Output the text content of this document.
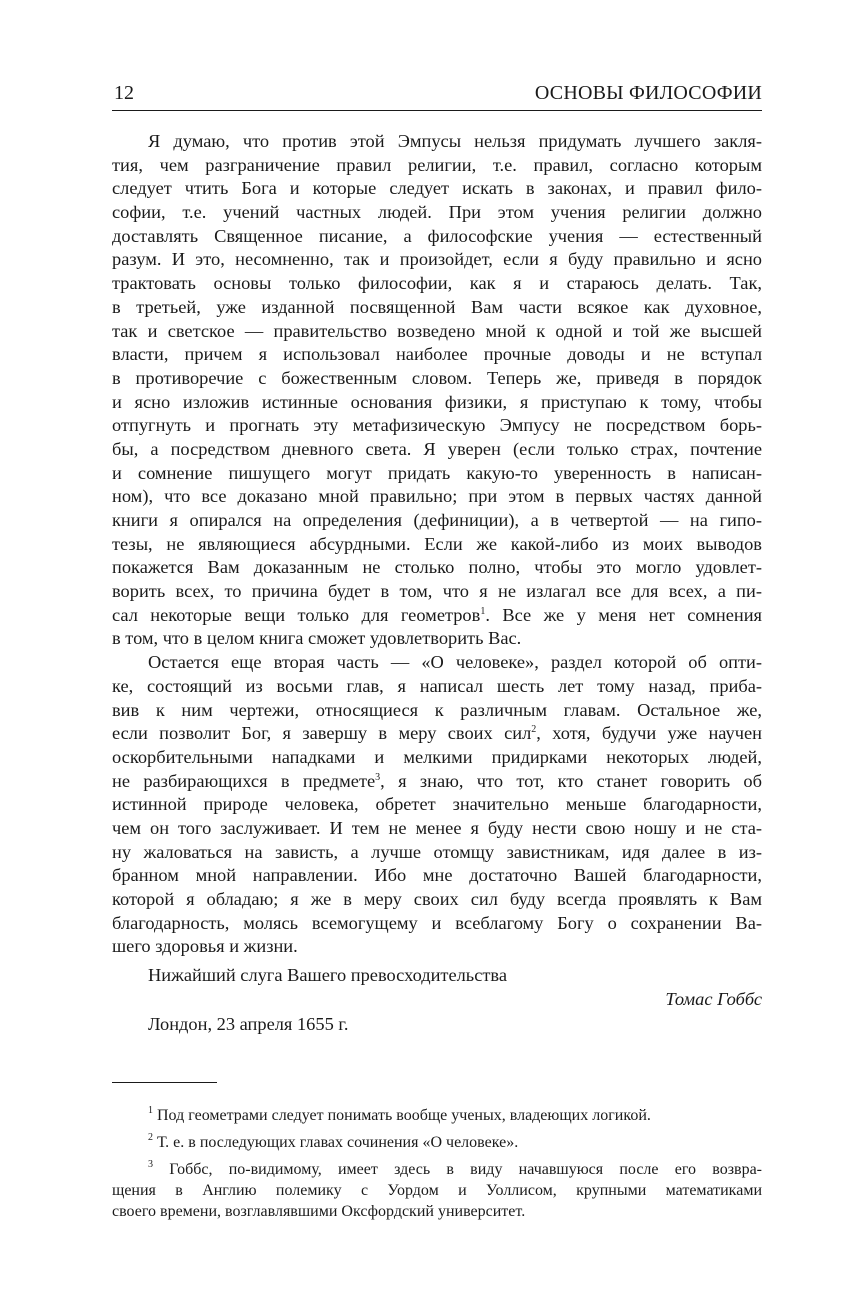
12	ОСНОВЫ ФИЛОСОФИИ
Я думаю, что против этой Эмпусы нельзя придумать лучшего закля-
тия, чем разграничение правил религии, т.е. правил, согласно которым
следует чтить Бога и которые следует искать в законах, и правил фило-
софии, т.е. учений частных людей. При этом учения религии должно
доставлять Священное писание, а философские учения — естественный
разум. И это, несомненно, так и произойдет, если я буду правильно и ясно
трактовать основы только философии, как я и стараюсь делать. Так,
в третьей, уже изданной посвященной Вам части всякое как духовное,
так и светское — правительство возведено мной к одной и той же высшей
власти, причем я использовал наиболее прочные доводы и не вступал
в противоречие с божественным словом. Теперь же, приведя в порядок
и ясно изложив истинные основания физики, я приступаю к тому, чтобы
отпугнуть и прогнать эту метафизическую Эмпусу не посредством борь-
бы, а посредством дневного света. Я уверен (если только страх, почтение
и сомнение пишущего могут придать какую-то уверенность в написан-
ном), что все доказано мной правильно; при этом в первых частях данной
книги я опирался на определения (дефиниции), а в четвертой — на гипо-
тезы, не являющиеся абсурдными. Если же какой-либо из моих выводов
покажется Вам доказанным не столько полно, чтобы это могло удовлет-
ворить всех, то причина будет в том, что я не излагал все для всех, а пи-
сал некоторые вещи только для геометров$^1$. Все же у меня нет сомнения
в том, что в целом книга сможет удовлетворить Вас.
Остается еще вторая часть — «О человеке», раздел которой об опти-
ке, состоящий из восьми глав, я написал шесть лет тому назад, прибa-
вив к ним чертежи, относящиеся к различным главам. Остальное же,
если позволит Бог, я завершу в меру своих сил$^2$, хотя, будучи уже научен
оскорбительными нападками и мелкими придирками некоторых людей,
не разбирающихся в предмете$^3$, я знаю, что тот, кто станет говорить об
истинной природе человека, обретет значительно меньше благодарности,
чем он того заслуживает. И тем не менее я буду нести свою ношу и не ста-
ну жаловаться на зависть, а лучше отомщу завистникам, идя далее в из-
бранном мной направлении. Ибо мне достаточно Вашей благодарности,
которой я обладаю; я же в меру своих сил буду всегда проявлять к Вам
благодарность, молясь всемогущему и всеблагому Богу о сохранении Ва-
шего здоровья и жизни.
Нижайший слуга Вашего превосходительства
Томас Гоббс
Лондон, 23 апреля 1655 г.
$^1$ Под геометрами следует понимать вообще ученых, владеющих логикой.
$^2$ Т. е. в последующих главах сочинения «О человеке».
$^3$ Гоббс, по-видимому, имеет здесь в виду начавшуюся после его возвра-
щения в Англию полемику с Уордом и Уоллисом, крупными математиками
своего времени, возглавлявшими Оксфордский университет.
